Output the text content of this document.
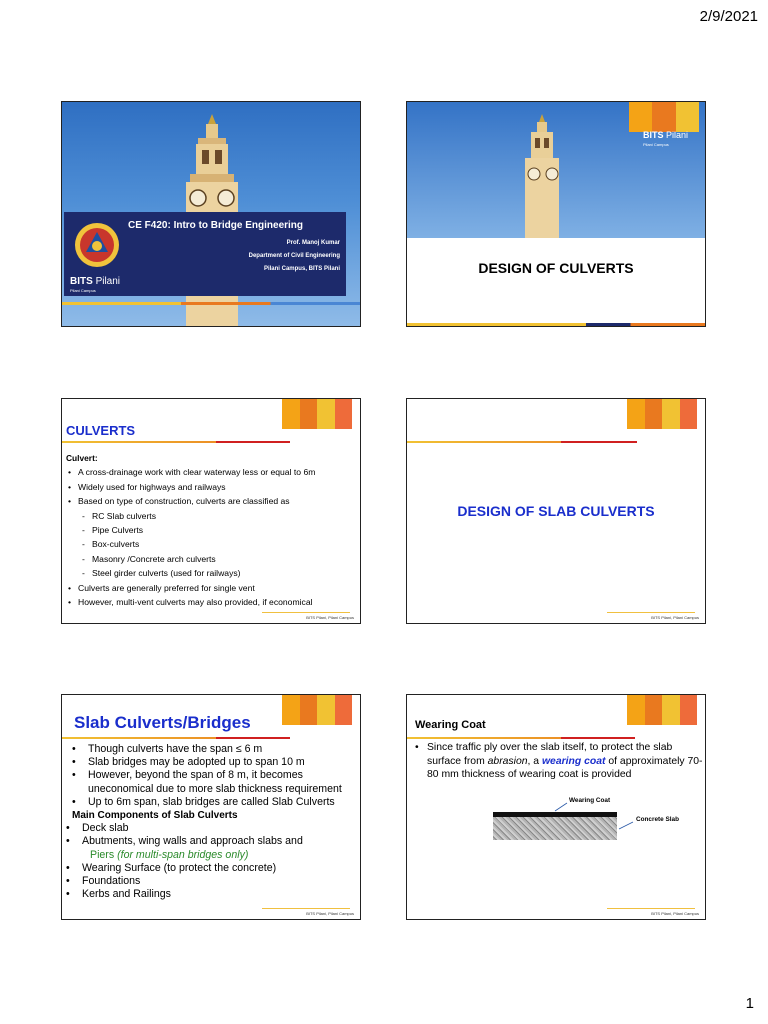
2/9/2021
CE F420: Intro to Bridge Engineering
Prof. Manoj Kumar
Department of Civil Engineering
Pilani Campus, BITS Pilani
BITS Pilani
Pilani Campus
BITS Pilani
Pilani Campus
DESIGN OF CULVERTS
CULVERTS
Culvert:
• A cross-drainage work with clear waterway less or equal to 6m
• Widely used for highways and railways
• Based on type of construction, culverts are classified as
- RC Slab culverts
- Pipe Culverts
- Box-culverts
- Masonry /Concrete arch culverts
- Steel girder culverts (used for railways)
• Culverts are generally preferred for single vent
• However, multi-vent culverts may also provided, if economical
BITS Pilani, Pilani Campus
DESIGN OF SLAB CULVERTS
BITS Pilani, Pilani Campus
Slab Culverts/Bridges
• Though culverts have the span ≤ 6 m
• Slab bridges may be adopted up to span 10 m
• However, beyond the span of 8 m, it becomes uneconomical due to more slab thickness requirement
• Up to 6m span, slab bridges are called Slab Culverts
Main Components of Slab Culverts
• Deck slab
• Abutments, wing walls and approach slabs and
Piers (for multi-span bridges only)
• Wearing Surface (to protect the concrete)
• Foundations
• Kerbs and Railings
BITS Pilani, Pilani Campus
Wearing Coat
• Since traffic ply over the slab itself, to protect the slab surface from abrasion, a wearing coat of approximately 70-80 mm thickness of wearing coat is provided
Wearing Coat
Concrete Slab
BITS Pilani, Pilani Campus
1
